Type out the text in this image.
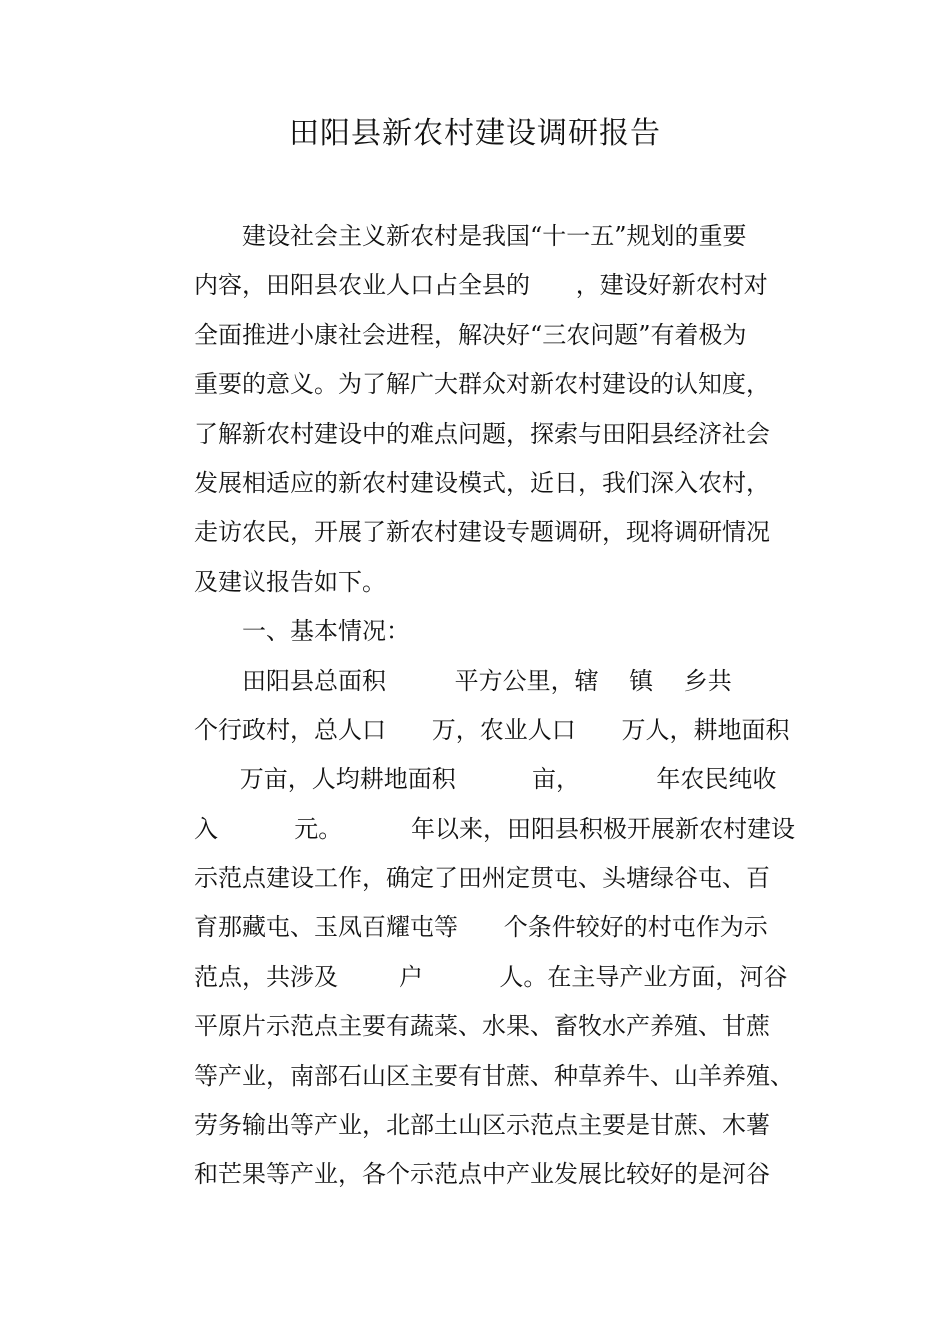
田阳县新农村建设调研报告
建设社会主义新农村是我国“十一五”规划的重要
内容，田阳县农业人口占全县的      ，建设好新农村对
全面推进小康社会进程，解决好“三农问题”有着极为
重要的意义。为了解广大群众对新农村建设的认知度，
了解新农村建设中的难点问题，探索与田阳县经济社会
发展相适应的新农村建设模式，近日，我们深入农村，
走访农民，开展了新农村建设专题调研，现将调研情况
及建议报告如下。
一、基本情况：
田阳县总面积         平方公里，辖    镇    乡共
个行政村，总人口      万，农业人口      万人，耕地面积
万亩，人均耕地面积          亩，          年农民纯收
入          元。         年以来，田阳县积极开展新农村建设
示范点建设工作，确定了田州定贯屯、头塘绿谷屯、百
育那藏屯、玉凤百耀屯等      个条件较好的村屯作为示
范点，共涉及        户          人。在主导产业方面，河谷
平原片示范点主要有蔬菜、水果、畜牧水产养殖、甘蔗
等产业，南部石山区主要有甘蔗、种草养牛、山羊养殖、
劳务输出等产业，北部土山区示范点主要是甘蔗、木薯
和芒果等产业，各个示范点中产业发展比较好的是河谷
